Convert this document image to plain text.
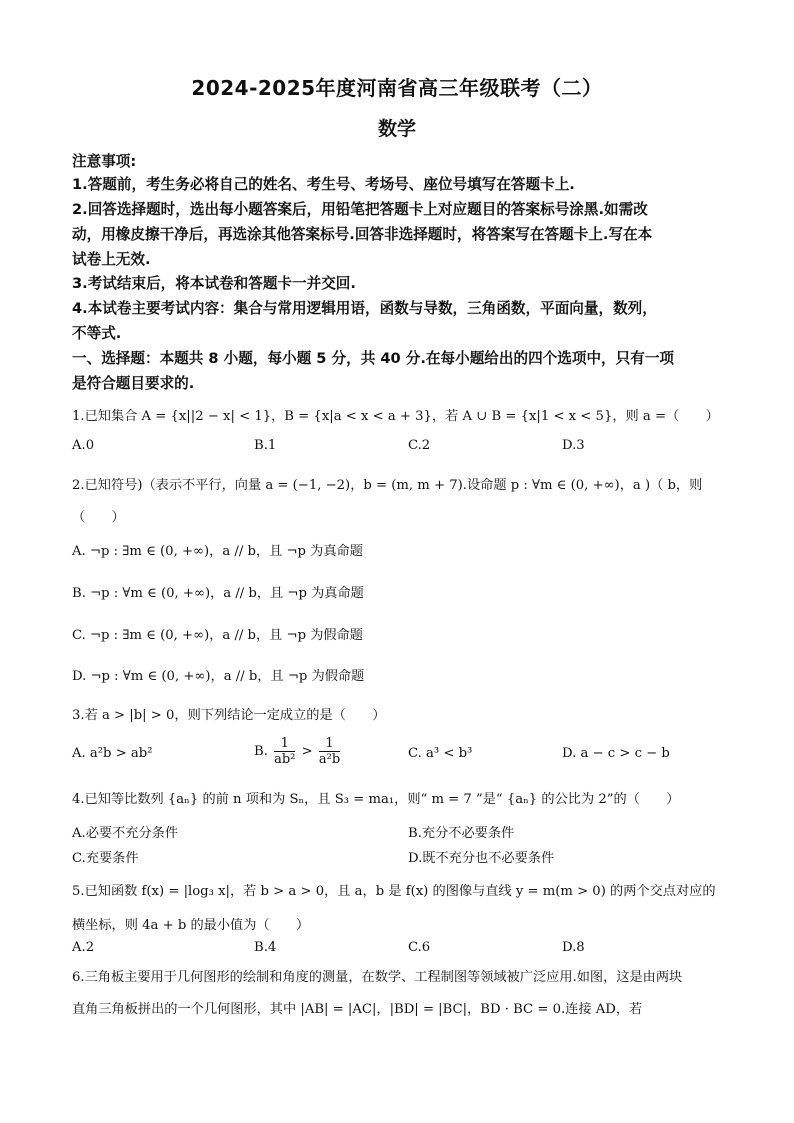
2024-2025年度河南省高三年级联考（二）
数学
注意事项:
1.答题前，考生务必将自己的姓名、考生号、考场号、座位号填写在答题卡上.
2.回答选择题时，选出每小题答案后，用铅笔把答题卡上对应题目的答案标号涂黑.如需改
动，用橡皮擦干净后，再选涂其他答案标号.回答非选择题时，将答案写在答题卡上.写在本
试卷上无效.
3.考试结束后，将本试卷和答题卡一并交回.
4.本试卷主要考试内容：集合与常用逻辑用语，函数与导数，三角函数，平面向量，数列，
不等式.
一、选择题：本题共 8 小题，每小题 5 分，共 40 分.在每小题给出的四个选项中，只有一项
是符合题目要求的.
1.已知集合 A = {x||2 − x| < 1}，B = {x|a < x < a + 3}，若 A ∪ B = {x|1 < x < 5}，则 a =（　　）
A.0	B.1	C.2	D.3
2.已知符号)（表示不平行，向量 a = (−1, −2)，b = (m, m + 7).设命题 p : ∀m ∈ (0, +∞)，a )（ b，则
（　　）
A. ¬p : ∃m ∈ (0, +∞)，a // b，且 ¬p 为真命题
B. ¬p : ∀m ∈ (0, +∞)，a // b，且 ¬p 为真命题
C. ¬p : ∃m ∈ (0, +∞)，a // b，且 ¬p 为假命题
D. ¬p : ∀m ∈ (0, +∞)，a // b，且 ¬p 为假命题
3.若 a > |b| > 0，则下列结论一定成立的是（　　）
A. a²b > ab²	B. $\frac{1}{\text{ab²}} > \frac{1}{\text{a²b}}$	C. a³ < b³	D. a − c > c − b
4.已知等比数列 {aₙ} 的前 n 项和为 Sₙ，且 S₃ = ma₁，则“ m = 7 ”是“ {aₙ} 的公比为 2”的（　　）
A.必要不充分条件	B.充分不必要条件
C.充要条件	D.既不充分也不必要条件
5.已知函数 f(x) = |log₃ x|，若 b > a > 0，且 a，b 是 f(x) 的图像与直线 y = m(m > 0) 的两个交点对应的
横坐标，则 4a + b 的最小值为（　　）
A.2	B.4	C.6	D.8
6.三角板主要用于几何图形的绘制和角度的测量，在数学、工程制图等领域被广泛应用.如图，这是由两块
直角三角板拼出的一个几何图形，其中 |AB| = |AC|，|BD| = |BC|，BD · BC = 0.连接 AD，若
